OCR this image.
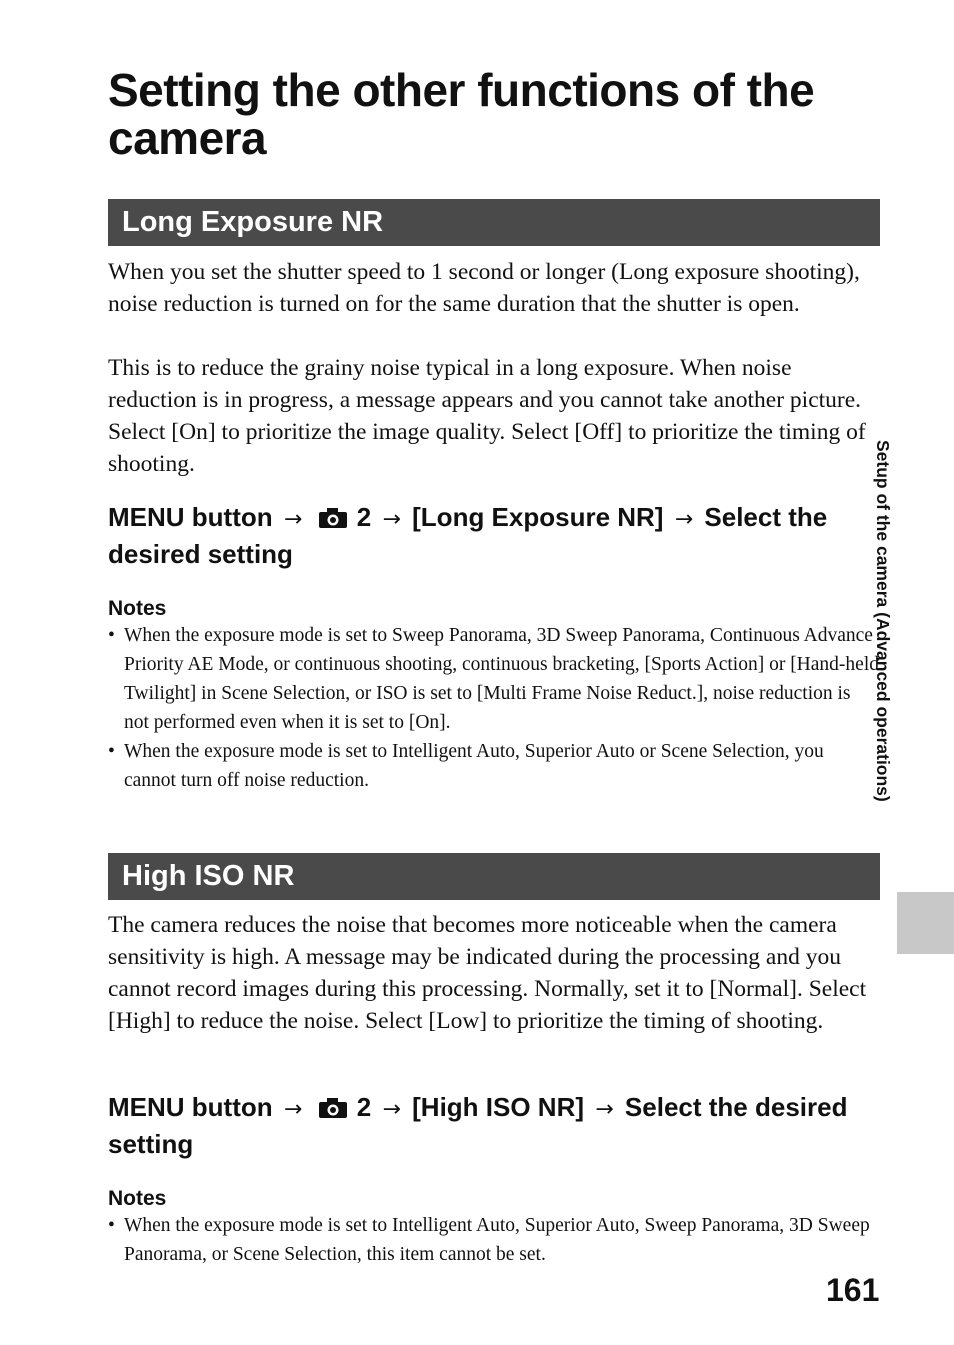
Setting the other functions of the camera
Long Exposure NR

When you set the shutter speed to 1 second or longer (Long exposure shooting), noise reduction is turned on for the same duration that the shutter is open.

This is to reduce the grainy noise typical in a long exposure. When noise reduction is in progress, a message appears and you cannot take another picture. Select [On] to prioritize the image quality. Select [Off] to prioritize the timing of shooting.

MENU button → 2 → [Long Exposure NR] → Select the desired setting

Notes

• When the exposure mode is set to Sweep Panorama, 3D Sweep Panorama, Continuous Advance Priority AE Mode, or continuous shooting, continuous bracketing, [Sports Action] or [Hand-held Twilight] in Scene Selection, or ISO is set to [Multi Frame Noise Reduct.], noise reduction is not performed even when it is set to [On].
• When the exposure mode is set to Intelligent Auto, Superior Auto or Scene Selection, you cannot turn off noise reduction.
High ISO NR

The camera reduces the noise that becomes more noticeable when the camera sensitivity is high. A message may be indicated during the processing and you cannot record images during this processing. Normally, set it to [Normal]. Select [High] to reduce the noise. Select [Low] to prioritize the timing of shooting.

MENU button → 2 → [High ISO NR] → Select the desired setting

Notes

• When the exposure mode is set to Intelligent Auto, Superior Auto, Sweep Panorama, 3D Sweep Panorama, or Scene Selection, this item cannot be set.
Setup of the camera (Advanced operations)
161
